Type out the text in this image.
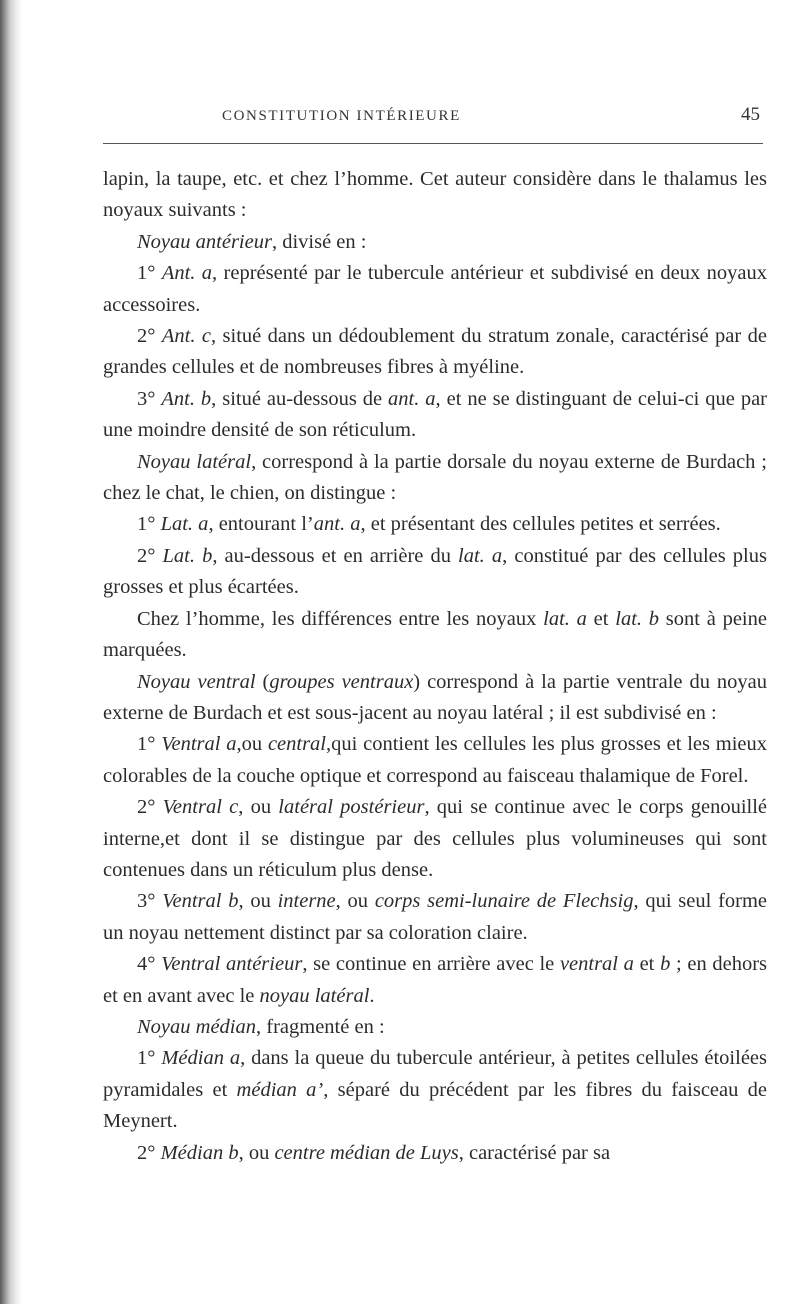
CONSTITUTION INTÉRIEURE	45

lapin, la taupe, etc. et chez l’homme. Cet auteur considère dans le thalamus les noyaux suivants :

Noyau antérieur, divisé en :

1° Ant. a, représenté par le tubercule antérieur et subdivisé en deux noyaux accessoires.

2° Ant. c, situé dans un dédoublement du stratum zonale, caractérisé par de grandes cellules et de nombreuses fibres à myéline.

3° Ant. b, situé au-dessous de ant. a, et ne se distinguant de celui-ci que par une moindre densité de son réticulum.

Noyau latéral, correspond à la partie dorsale du noyau externe de Burdach ; chez le chat, le chien, on distingue :

1° Lat. a, entourant l’ant. a, et présentant des cellules petites et serrées.

2° Lat. b, au-dessous et en arrière du lat. a, constitué par des cellules plus grosses et plus écartées.

Chez l’homme, les différences entre les noyaux lat. a et lat. b sont à peine marquées.

Noyau ventral (groupes ventraux) correspond à la partie ventrale du noyau externe de Burdach et est sous-jacent au noyau latéral ; il est subdivisé en :

1° Ventral a,ou central,qui contient les cellules les plus grosses et les mieux colorables de la couche optique et correspond au faisceau thalamique de Forel.

2° Ventral c, ou latéral postérieur, qui se continue avec le corps genouillé interne,et dont il se distingue par des cellules plus volumineuses qui sont contenues dans un réticulum plus dense.

3° Ventral b, ou interne, ou corps semi-lunaire de Flechsig, qui seul forme un noyau nettement distinct par sa coloration claire.

4° Ventral antérieur, se continue en arrière avec le ventral a et b ; en dehors et en avant avec le noyau latéral.

Noyau médian, fragmenté en :

1° Médian a, dans la queue du tubercule antérieur, à petites cellules étoilées pyramidales et médian a’, séparé du précédent par les fibres du faisceau de Meynert.

2° Médian b, ou centre médian de Luys, caractérisé par sa
